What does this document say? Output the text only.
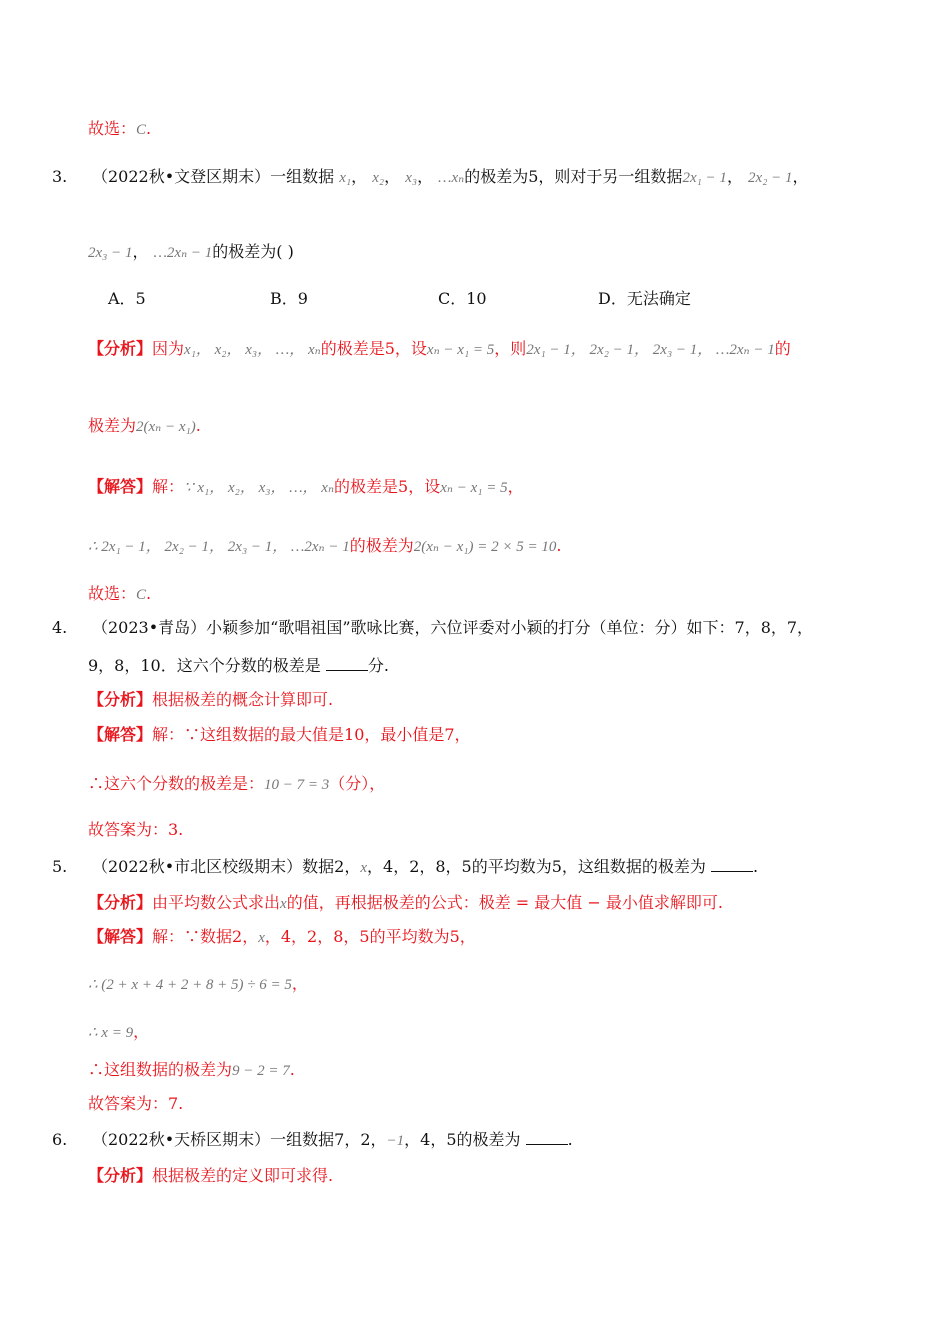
故选：C.
3. （2022秋•文登区期末）一组数据 x₁， x₂， x₃， …xₙ的极差为5，则对于另一组数据2x₁ − 1， 2x₂ − 1，
2x₃ − 1， …2xₙ − 1的极差为( )
A．5	B．9	C．10	D．无法确定
【分析】因为x₁， x₂， x₃， …， xₙ的极差是5，设xₙ − x₁ = 5，则2x₁ − 1， 2x₂ − 1， 2x₃ − 1， …2xₙ − 1的
极差为2(xₙ − x₁).
【解答】解：∵ x₁， x₂， x₃， …， xₙ的极差是5，设xₙ − x₁ = 5，
∴ 2x₁ − 1， 2x₂ − 1， 2x₃ − 1， …2xₙ − 1的极差为2(xₙ − x₁) = 2 × 5 = 10.
故选：C.
4. （2023•青岛）小颖参加“歌唱祖国”歌咏比赛，六位评委对小颖的打分（单位：分）如下：7，8，7，
9，8，10．这六个分数的极差是	分.
【分析】根据极差的概念计算即可.
【解答】解：∵这组数据的最大值是10，最小值是7，
∴这六个分数的极差是：10 − 7 = 3（分），
故答案为：3.
5. （2022秋•市北区校级期末）数据2，x，4，2，8，5的平均数为5，这组数据的极差为	.
【分析】由平均数公式求出x的值，再根据极差的公式：极差 = 最大值 − 最小值求解即可.
【解答】解：∵数据2，x，4，2，8，5的平均数为5，
∴ (2 + x + 4 + 2 + 8 + 5) ÷ 6 = 5，
∴ x = 9，
∴这组数据的极差为9 − 2 = 7.
故答案为：7.
6. （2022秋•天桥区期末）一组数据7，2，−1，4，5的极差为	.
【分析】根据极差的定义即可求得.
